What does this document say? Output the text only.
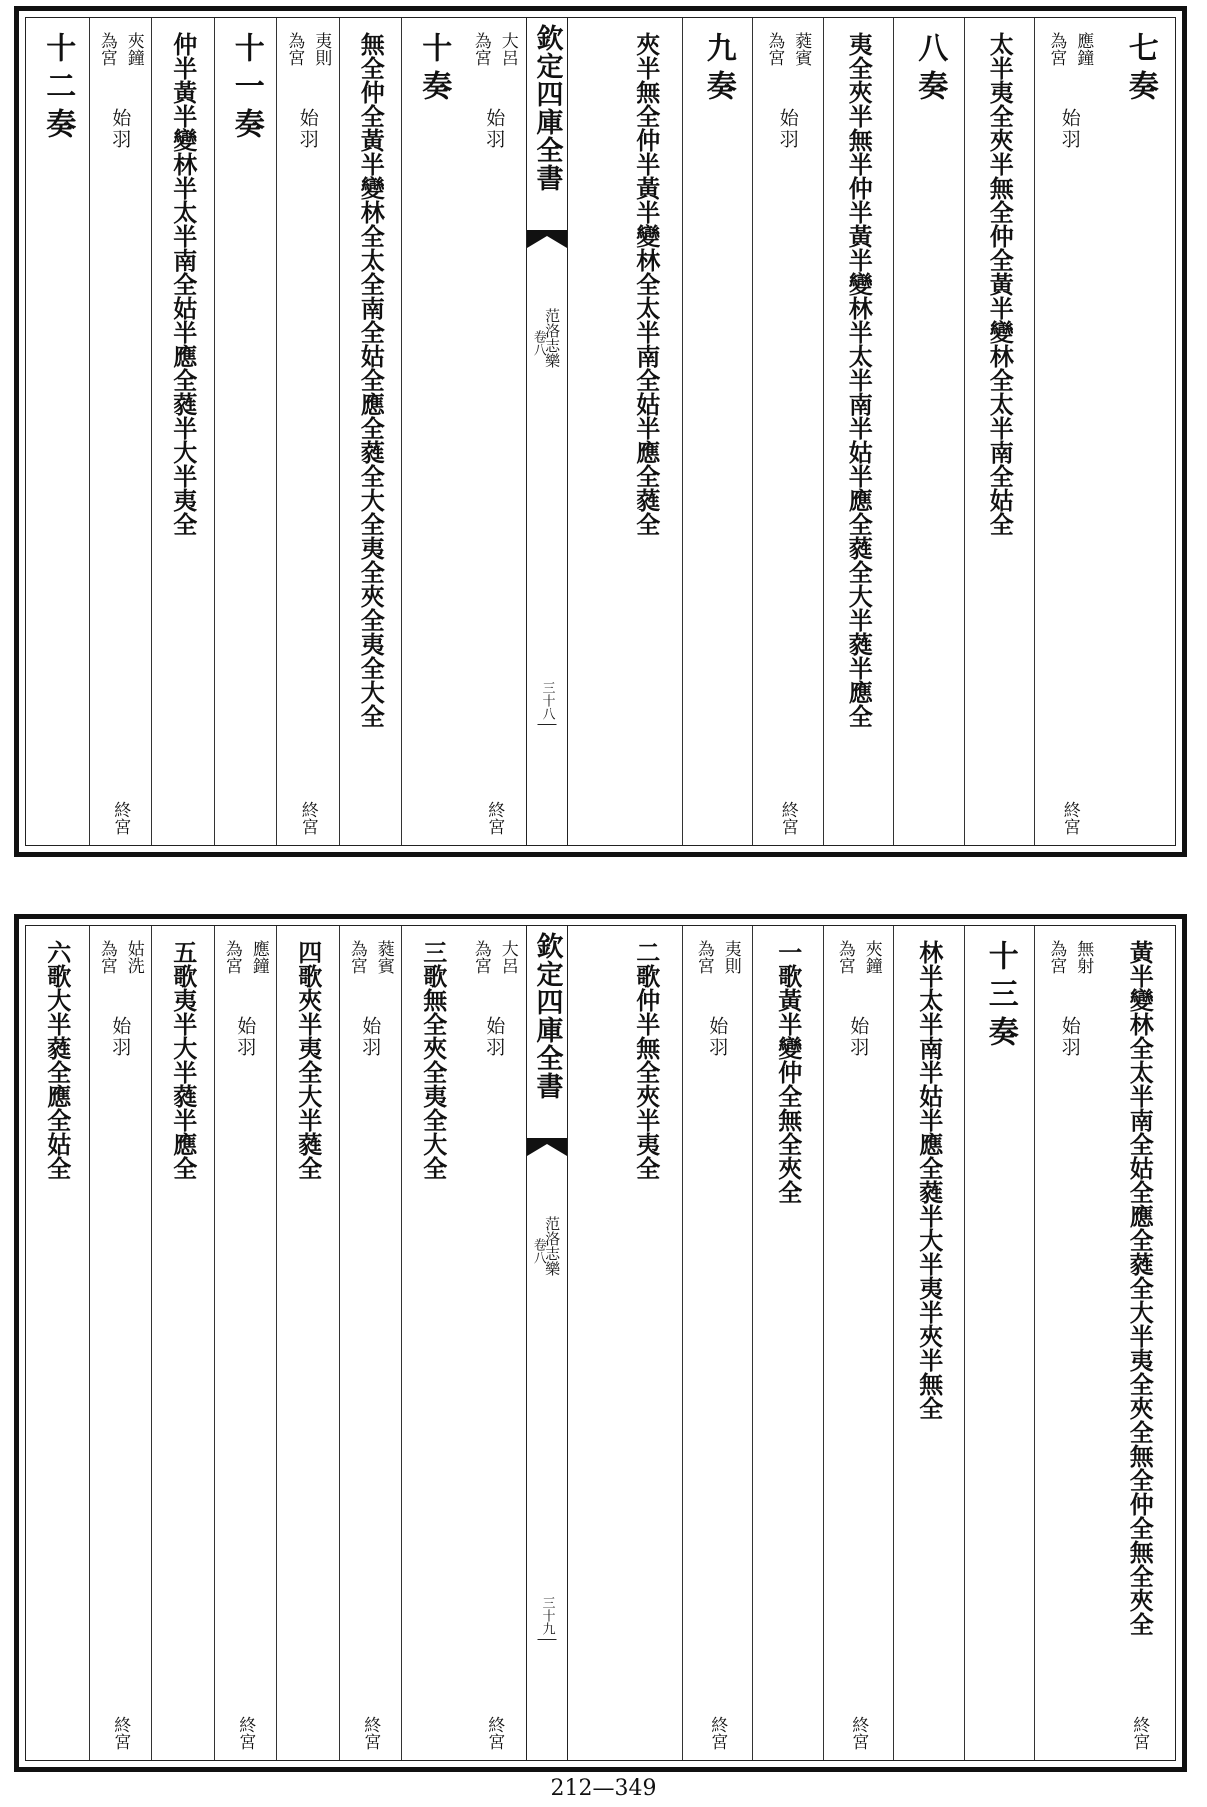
七奏
應鐘
為宮
始羽
終宮
太半夷全夾半無全仲全黃半變林全太半南全姑全
八奏
夷全夾半無半仲半黃半變林半太半南半姑半應全蕤全大半蕤半應全
蕤賓
為宮
始羽
終宮
九奏
夾半無全仲半黃半變林全太半南全姑半應全蕤全
欽定四庫全書
范洛志樂
卷八
三十八
大呂
為宮
始羽
終宮
十奏
無全仲全黃半變林全太全南全姑全應全蕤全大全夷全夾全夷全大全
夷則
為宮
始羽
終宮
十一奏
仲半黃半變林半太半南全姑半應全蕤半大半夷全
夾鐘
為宮
始羽
終宮
十二奏
黃半變林全太半南全姑全應全蕤全大半夷全夾全無全仲全無全夾全
終宮
無射
為宮
始羽
十三奏
林半太半南半姑半應全蕤半大半夷半夾半無全
夾鐘
為宮
始羽
終宮
一歌黃半變仲全無全夾全
夷則
為宮
始羽
終宮
二歌仲半無全夾半夷全
欽定四庫全書
范洛志樂
卷八
三十九
大呂
為宮
始羽
終宮
三歌無全夾全夷全大全
蕤賓
為宮
始羽
終宮
四歌夾半夷全大半蕤全
應鐘
為宮
始羽
終宮
五歌夷半大半蕤半應全
姑洗
為宮
始羽
終宮
六歌大半蕤全應全姑全
212—349
